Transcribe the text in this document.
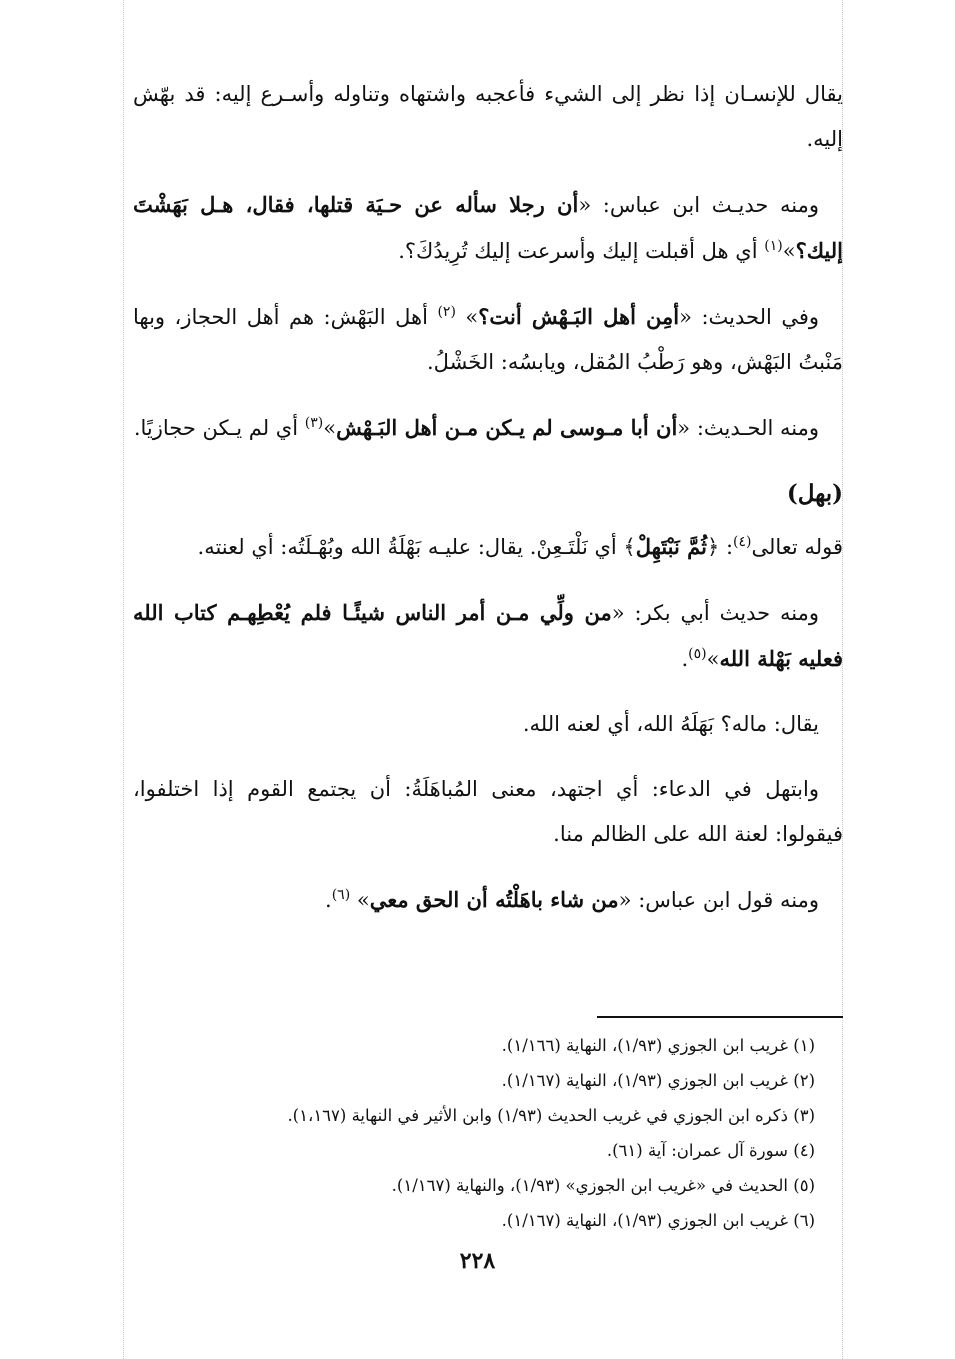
يقال للإنسـان إذا نظر إلى الشيء فأعجبه واشتهاه وتناوله وأسـرع إليه: قد بهّش إليه.

ومنه حديـث ابن عباس: «أن رجلا سأله عن حـيَة قتلها، فقال، هـل بَهَشْتَ إليك؟»$^{(١)}$ أي هل أقبلت إليك وأسرعت إليك تُرِيدُكَ؟.

وفي الحديث: «أمِن أهل البَـهْش أنت؟» $^{(٢)}$ أهل البَهْش: هم أهل الحجاز، وبها مَنْبتُ البَهْش، وهو رَطْبُ المُقل، ويابسُه: الخَشْلُ.

ومنه الحـديث: «أن أبا مـوسى لم يـكن مـن أهل البَـهْش»$^{(٣)}$ أي لم يـكن حجازيًا.

(بهل)

قوله تعالى$^{(٤)}$: ﴿ثُمَّ نَبْتَهِلْ﴾ أي نَلْتَـعِنْ. يقال: عليـه بَهْلَةُ الله وبُهْـلَتُه: أي لعنته.

ومنه حديث أبي بكر: «من ولِّي مـن أمر الناس شيئًـا فلم يُعْطِهـم كتاب الله فعليه بَهْلة الله»$^{(٥)}$.

يقال: ماله؟ بَهَلَهُ الله، أي لعنه الله.

وابتهل في الدعاء: أي اجتهد، معنى المُباهَلَةُ: أن يجتمع القوم إذا اختلفوا، فيقولوا: لعنة الله على الظالم منا.

ومنه قول ابن عباس: «من شاء باهَلْتُه أن الحق معي» $^{(٦)}$.

(١) غريب ابن الجوزي (١/٩٣)، النهاية (١/١٦٦).

(٢) غريب ابن الجوزي (١/٩٣)، النهاية (١/١٦٧).

(٣) ذكره ابن الجوزي في غريب الحديث (١/٩٣) وابن الأثير في النهاية (١،١٦٧).

(٤) سورة آل عمران: آية (٦١).

(٥) الحديث في «غريب ابن الجوزي» (١/٩٣)، والنهاية (١/١٦٧).

(٦) غريب ابن الجوزي (١/٩٣)، النهاية (١/١٦٧).

٢٢٨
